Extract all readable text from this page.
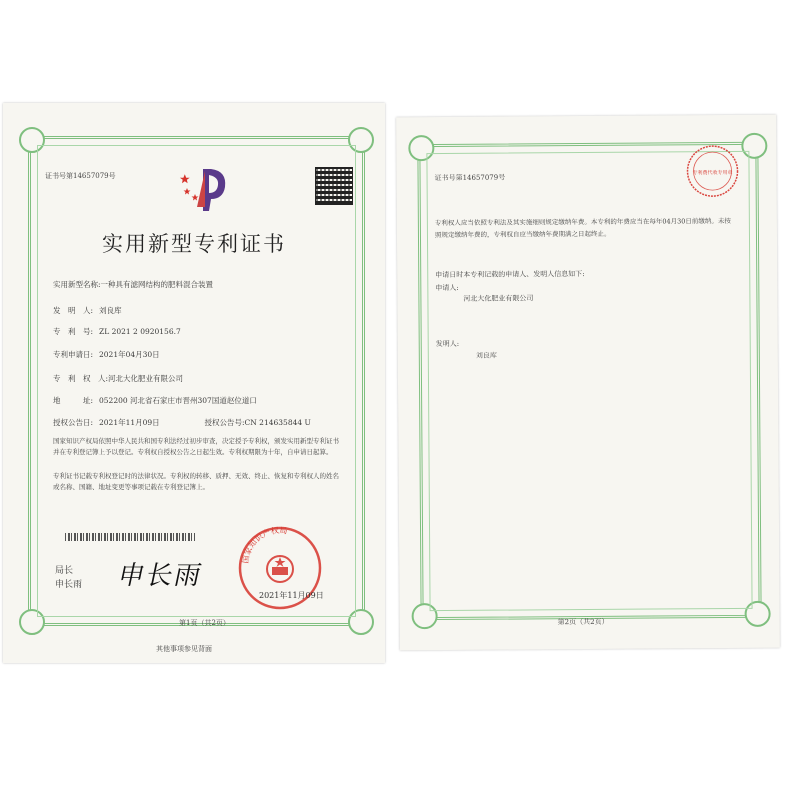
证书号第14657079号
实用新型专利证书
实用新型名称:一种具有滤网结构的肥料混合装置
发　明　人: 刘良库
专　利　号: ZL 2021 2 0920156.7
专利申请日: 2021年04月30日
专　利　权　人:河北大化肥业有限公司
地　　　址: 052200 河北省石家庄市晋州307国道赵位道口
授权公告日: 2021年11月09日	授权公告号:CN 214635844 U
国家知识产权局依照中华人民共和国专利法经过初步审查，决定授予专利权，颁发实用新型专利证书并在专利登记簿上予以登记。专利权自授权公告之日起生效。专利权期限为十年，自申请日起算。
专利证书记载专利权登记时的法律状况。专利权的转移、质押、无效、终止、恢复和专利权人的姓名或名称、国籍、地址变更等事项记载在专利登记簿上。
局长
申长雨 申长雨
国家知识产权局
2021年11月09日
第1页（共2页）
其他事项参见背面
证书号第14657079号
专利费代收专用章
专利权人应当依照专利法及其实施细则规定缴纳年费。本专利的年费应当在每年04月30日前缴纳。未按照规定缴纳年费的，专利权自应当缴纳年费期满之日起终止。
申请日时本专利记载的申请人、发明人信息如下:
申请人:
河北大化肥业有限公司
发明人:
刘良库
第2页（共2页）
